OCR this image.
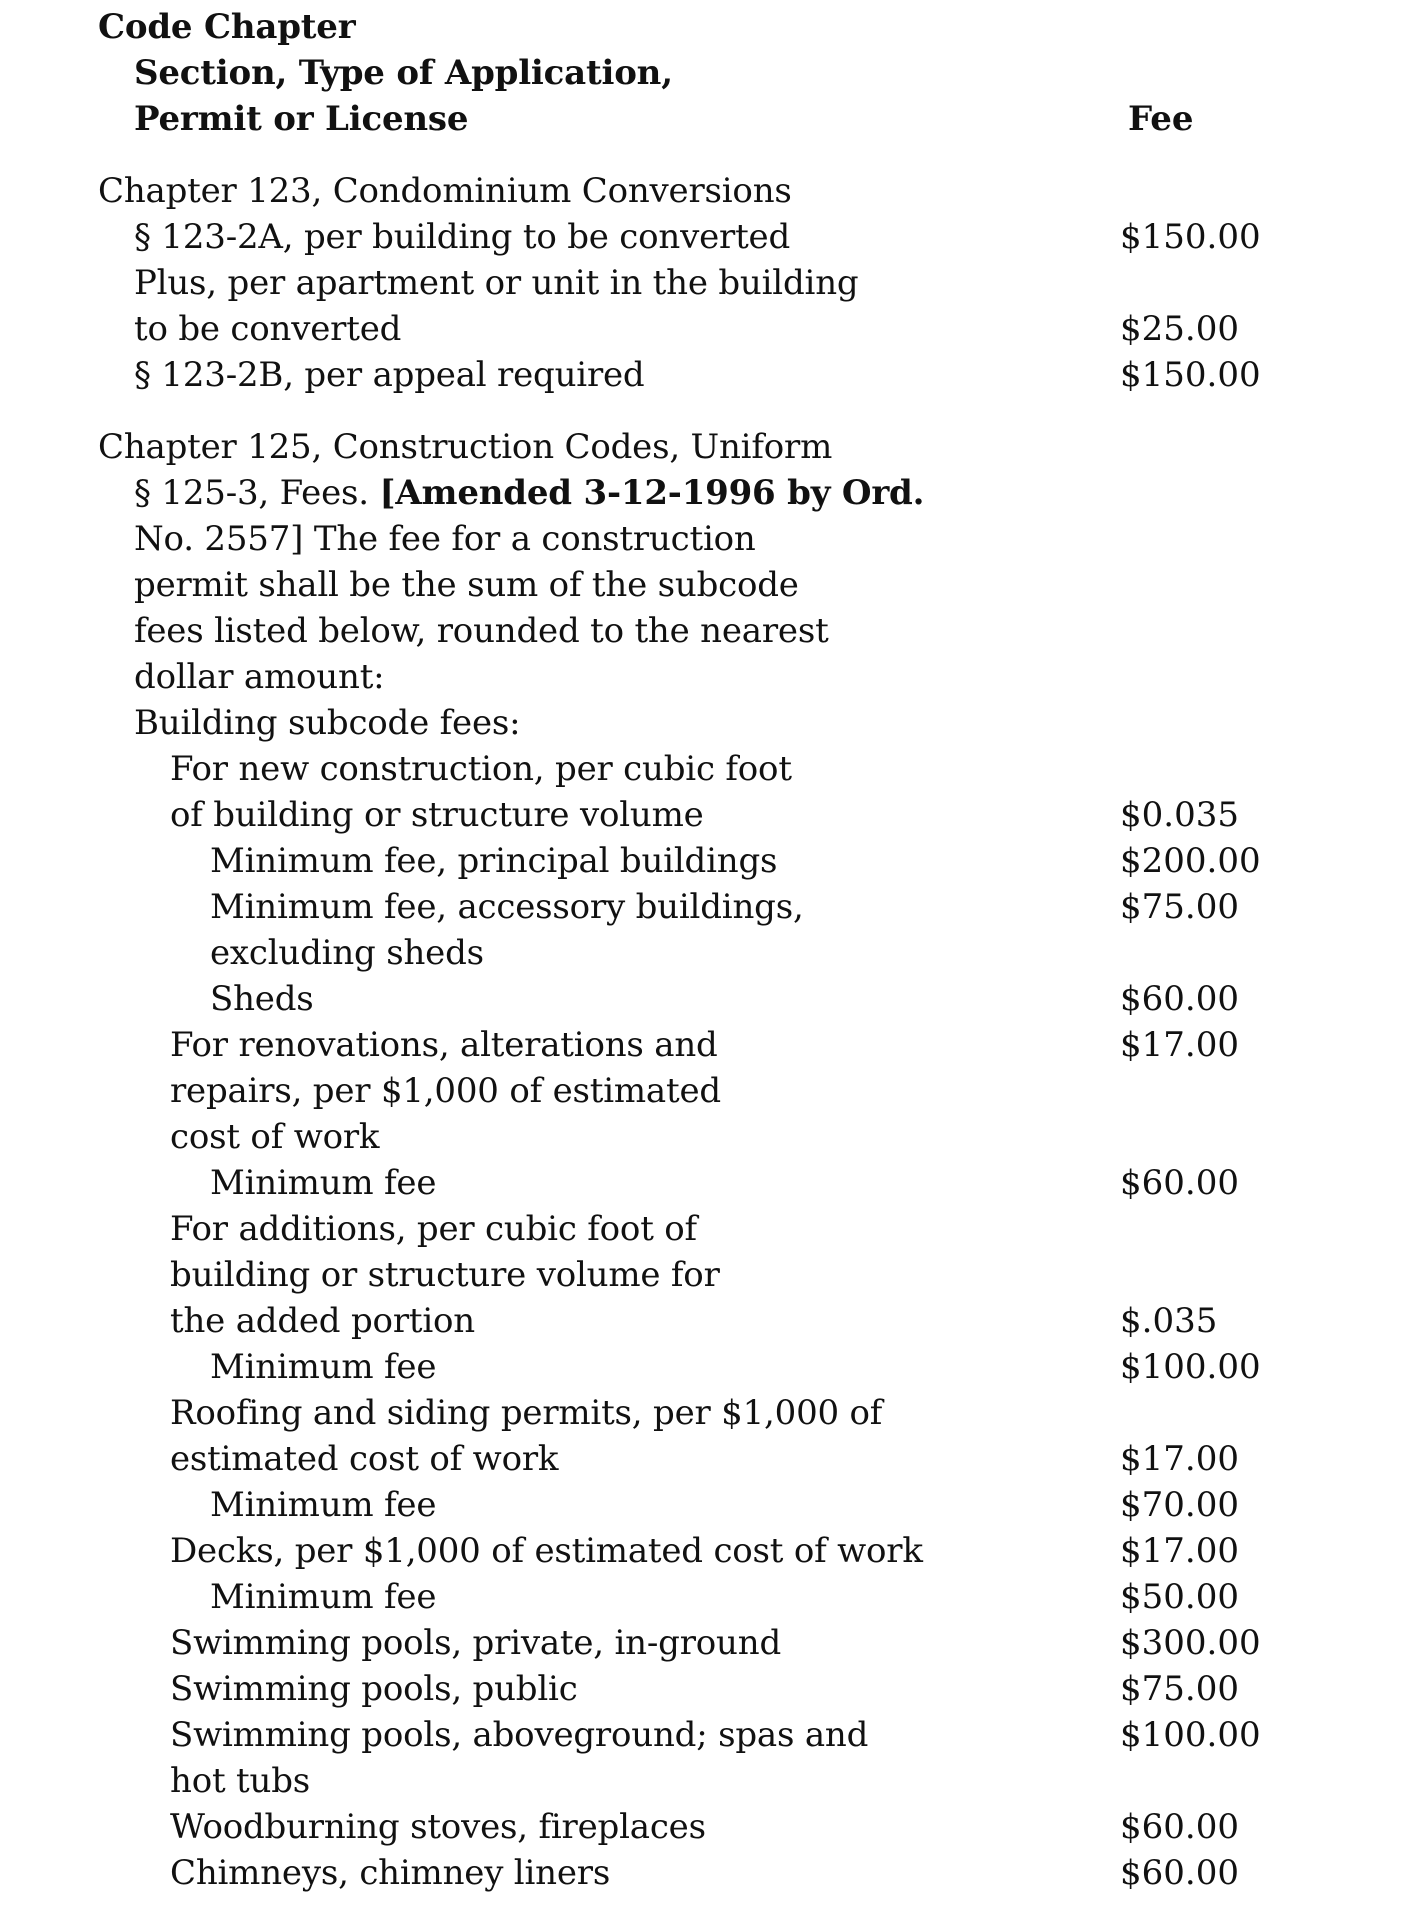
Code Chapter
Section, Type of Application,
Permit or License	Fee
Chapter 123, Condominium Conversions
§ 123-2A, per building to be converted	$150.00
Plus, per apartment or unit in the building
to be converted	$25.00
§ 123-2B, per appeal required	$150.00
Chapter 125, Construction Codes, Uniform
§ 125-3, Fees. [Amended 3-12-1996 by Ord.
No. 2557] The fee for a construction
permit shall be the sum of the subcode
fees listed below, rounded to the nearest
dollar amount:
Building subcode fees:
For new construction, per cubic foot
of building or structure volume	$0.035
Minimum fee, principal buildings	$200.00
Minimum fee, accessory buildings,	$75.00
excluding sheds
Sheds	$60.00
For renovations, alterations and	$17.00
repairs, per $1,000 of estimated
cost of work
Minimum fee	$60.00
For additions, per cubic foot of
building or structure volume for
the added portion	$.035
Minimum fee	$100.00
Roofing and siding permits, per $1,000 of
estimated cost of work	$17.00
Minimum fee	$70.00
Decks, per $1,000 of estimated cost of work	$17.00
Minimum fee	$50.00
Swimming pools, private, in-ground	$300.00
Swimming pools, public	$75.00
Swimming pools, aboveground; spas and	$100.00
hot tubs
Woodburning stoves, fireplaces	$60.00
Chimneys, chimney liners	$60.00
